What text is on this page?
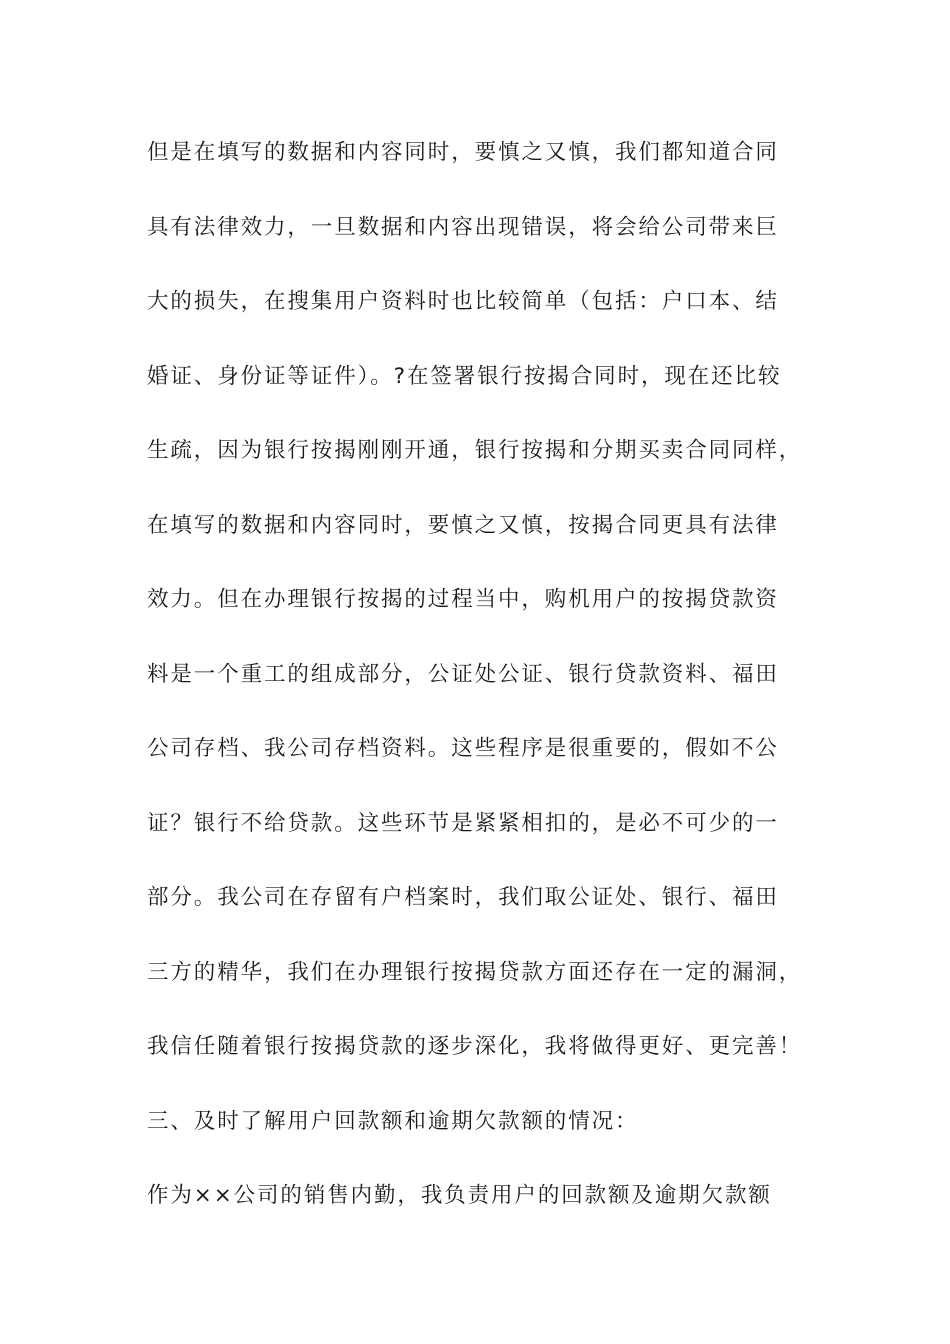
但是在填写的数据和内容同时，要慎之又慎，我们都知道合同
具有法律效力，一旦数据和内容出现错误，将会给公司带来巨
大的损失，在搜集用户资料时也比较简单（包括：户口本、结
婚证、身份证等证件）。?在签署银行按揭合同时，现在还比较
生疏，因为银行按揭刚刚开通，银行按揭和分期买卖合同同样，
在填写的数据和内容同时，要慎之又慎，按揭合同更具有法律
效力。但在办理银行按揭的过程当中，购机用户的按揭贷款资
料是一个重工的组成部分，公证处公证、银行贷款资料、福田
公司存档、我公司存档资料。这些程序是很重要的，假如不公
证？银行不给贷款。这些环节是紧紧相扣的，是必不可少的一
部分。我公司在存留有户档案时，我们取公证处、银行、福田
三方的精华，我们在办理银行按揭贷款方面还存在一定的漏洞，
我信任随着银行按揭贷款的逐步深化，我将做得更好、更完善！
三、及时了解用户回款额和逾期欠款额的情况：
作为××公司的销售内勤，我负责用户的回款额及逾期欠款额
